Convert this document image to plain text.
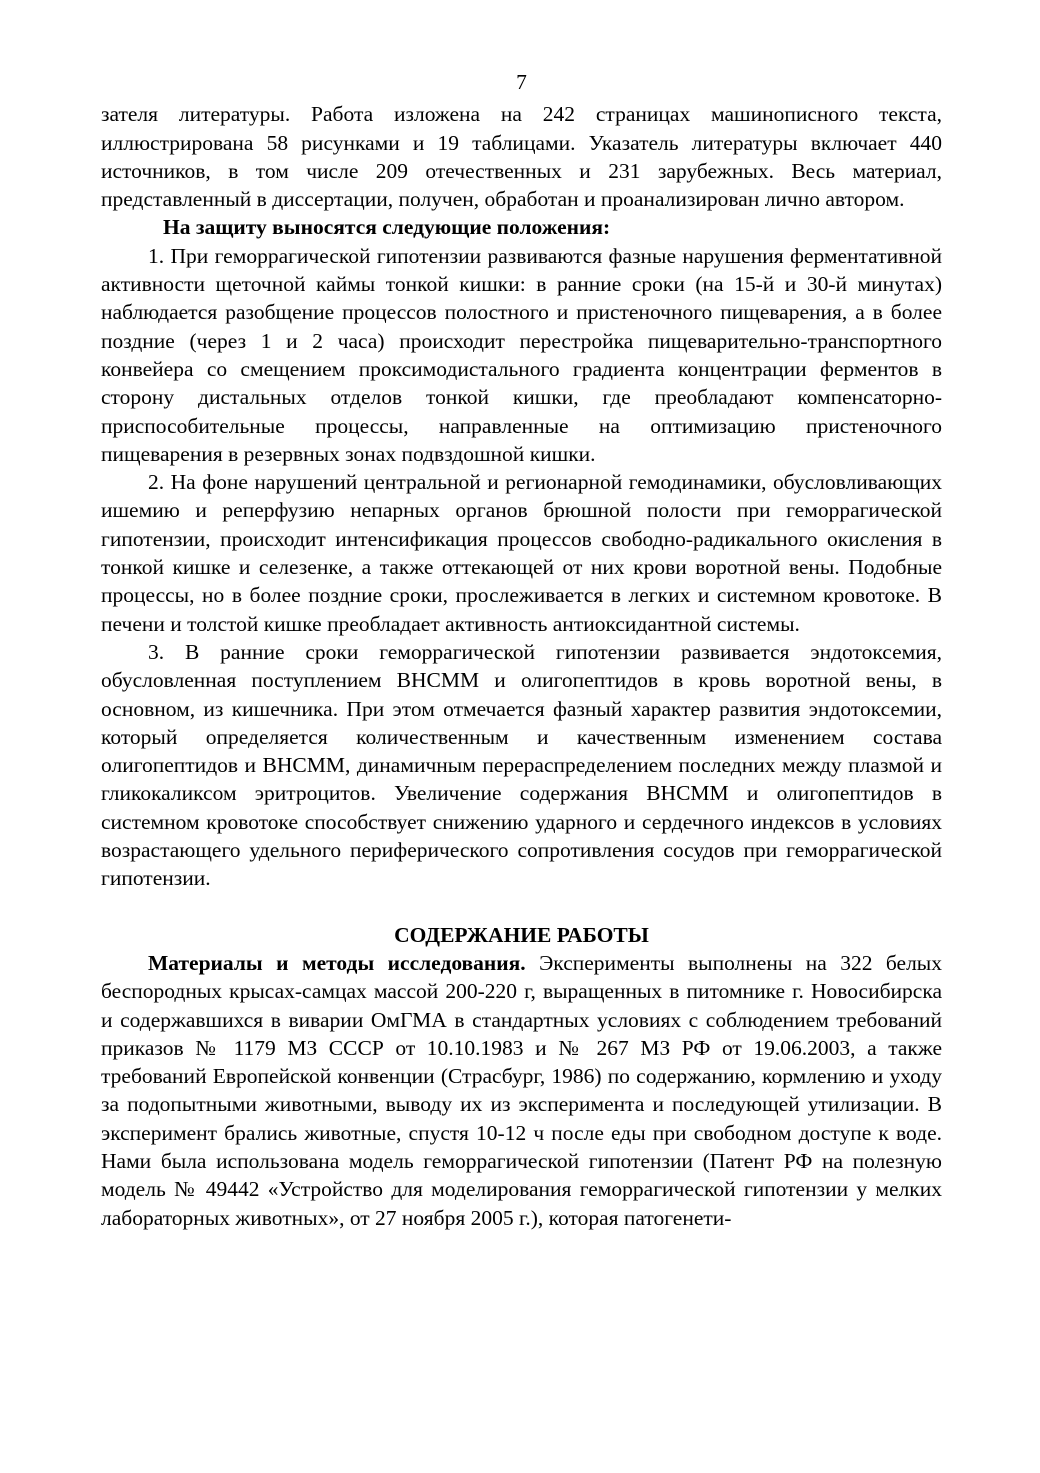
7

зателя литературы. Работа изложена на 242 страницах машинописного текста, иллюстрирована 58 рисунками и 19 таблицами. Указатель литературы включает 440 источников, в том числе 209 отечественных и 231 зарубежных. Весь материал, представленный в диссертации, получен, обработан и проанализирован лично автором.

На защиту выносятся следующие положения:

1. При геморрагической гипотензии развиваются фазные нарушения ферментативной активности щеточной каймы тонкой кишки: в ранние сроки (на 15-й и 30-й минутах) наблюдается разобщение процессов полостного и пристеночного пищеварения, а в более поздние (через 1 и 2 часа) происходит перестройка пищеварительно-транспортного конвейера со смещением проксимодистального градиента концентрации ферментов в сторону дистальных отделов тонкой кишки, где преобладают компенсаторно-приспособительные процессы, направленные на оптимизацию пристеночного пищеварения в резервных зонах подвздошной кишки.

2. На фоне нарушений центральной и регионарной гемодинамики, обусловливающих ишемию и реперфузию непарных органов брюшной полости при геморрагической гипотензии, происходит интенсификация процессов свободно-радикального окисления в тонкой кишке и селезенке, а также оттекающей от них крови воротной вены. Подобные процессы, но в более поздние сроки, прослеживается в легких и системном кровотоке. В печени и толстой кишке преобладает активность антиоксидантной системы.

3. В ранние сроки геморрагической гипотензии развивается эндотоксемия, обусловленная поступлением ВНСММ и олигопептидов в кровь воротной вены, в основном, из кишечника. При этом отмечается фазный характер развития эндотоксемии, который определяется количественным и качественным изменением состава олигопептидов и ВНСММ, динамичным перераспределением последних между плазмой и гликокаликсом эритроцитов. Увеличение содержания ВНСММ и олигопептидов в системном кровотоке способствует снижению ударного и сердечного индексов в условиях возрастающего удельного периферического сопротивления сосудов при геморрагической гипотензии.

СОДЕРЖАНИЕ РАБОТЫ

Материалы и методы исследования. Эксперименты выполнены на 322 белых беспородных крысах-самцах массой 200-220 г, выращенных в питомнике г. Новосибирска и содержавшихся в виварии ОмГМА в стандартных условиях с соблюдением требований приказов № 1179 МЗ СССР от 10.10.1983 и № 267 МЗ РФ от 19.06.2003, а также требований Европейской конвенции (Страсбург, 1986) по содержанию, кормлению и уходу за подопытными животными, выводу их из эксперимента и последующей утилизации. В эксперимент брались животные, спустя 10-12 ч после еды при свободном доступе к воде. Нами была использована модель геморрагической гипотензии (Патент РФ на полезную модель № 49442 «Устройство для моделирования геморрагической гипотензии у мелких лабораторных животных», от 27 ноября 2005 г.), которая патогенети-
